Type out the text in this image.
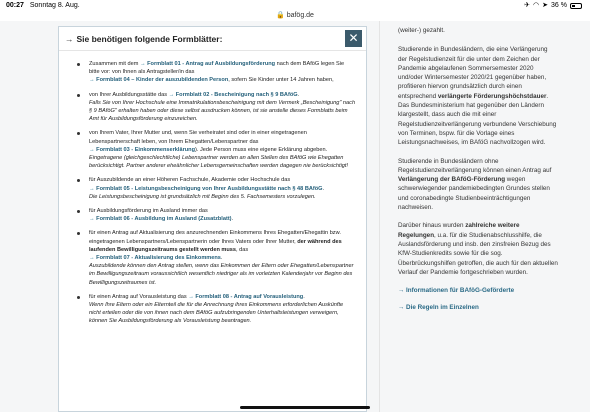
00:27 Sonntag 8. Aug.	✈ ◠ ➤ 36 %
🔒 bafög.de
→ Sie benötigen folgende Formblätter:	✕
Zusammen mit dem → Formblatt 01 - Antrag auf Ausbildungsförderung nach dem BAföG legen Sie bitte vor: von Ihnen als Antragsteller/in das
→ Formblatt 04 – Kinder der auszubildenden Person, sofern Sie Kinder unter 14 Jahren haben,
von Ihrer Ausbildungsstätte das → Formblatt 02 - Bescheinigung nach § 9 BAföG.
Falls Sie von Ihrer Hochschule eine Immatrikulationsbescheinigung mit dem Vermerk „Bescheinigung" nach § 9 BAföG" erhalten haben oder diese selbst ausdrucken können, ist sie anstelle dieses Formblatts beim Amt für Ausbildungsförderung einzureichen.
von Ihrem Vater, Ihrer Mutter und, wenn Sie verheiratet sind oder in einer eingetragenen Lebenspartnerschaft leben, von Ihrem Ehegatten/Lebenspartner das
→ Formblatt 03 - Einkommenserklärung). Jede Person muss eine eigene Erklärung abgeben.
Eingetragene (gleichgeschlechtliche) Lebenspartner werden an allen Stellen des BAföG wie Ehegatten berücksichtigt. Partner anderer eheähnlicher Lebensgemeinschaften werden dagegen nie berücksichtigt!
für Auszubildende an einer Höheren Fachschule, Akademie oder Hochschule das
→ Formblatt 05 - Leistungsbescheinigung von Ihrer Ausbildungsstätte nach § 48 BAföG.
Die Leistungsbescheinigung ist grundsätzlich mit Beginn des 5. Fachsemesters vorzulegen.
für Ausbildungsförderung im Ausland immer das
→ Formblatt 06 - Ausbildung im Ausland (Zusatzblatt).
für einen Antrag auf Aktualisierung des anzurechnenden Einkommens Ihres Ehegatten/Ehegattin bzw. eingetragenen Lebenspartners/Lebenspartnerin oder Ihres Vaters oder Ihrer Mutter, der während des laufenden Bewilligungszeitraums gestellt werden muss, das
→ Formblatt 07 - Aktualisierung des Einkommens.
Auszubildende können den Antrag stellen, wenn das Einkommen der Eltern oder Ehegatten/Lebenspartner im Bewilligungszeitraum voraussichtlich wesentlich niedriger als im vorletzten Kalenderjahr vor Beginn des Bewilligungszeitraumes ist.
für einen Antrag auf Vorausleistung das → Formblatt 08 - Antrag auf Vorausleistung.
Wenn Ihre Eltern oder ein Elternteil die für die Anrechnung ihres Einkommens erforderlichen Auskünfte nicht erteilen oder die von ihnen nach dem BAföG aufzubringenden Unterhaltsleistungen verweigern, können Sie Ausbildungsförderung als Vorausleistung beantragen.

(weiter-) gezahlt.

Studierende in Bundesländern, die eine Verlängerung der Regelstudienzeit für die unter dem Zeichen der Pandemie abgelaufenen Sommersemester 2020 und/oder Wintersemester 2020/21 gegenüber haben, profitieren hiervon grundsätzlich durch einen entsprechend verlängerte Förderungshöchstdauer. Das Bundesministerium hat gegenüber den Ländern klargestellt, dass auch die mit einer Regelstudienzeitverlängerung verbundene Verschiebung von Terminen, bspw. für die Vorlage eines Leistungsnachweises, im BAföG nachvollzogen wird.

Studierende in Bundesländern ohne Regelstudienzeitverlängerung können einen Antrag auf Verlängerung der BAföG-Förderung wegen schwerwiegender pandemiebedingten Grundes stellen und coronabedingte Studienbeeinträchtigungen nachweisen.

Darüber hinaus wurden zahlreiche weitere Regelungen, u.a. für die Studienabschlusshilfe, die Auslandsförderung und insb. den zinsfreien Bezug des KfW-Studienkredits sowie für die sog. Überbrückungshilfen getroffen, die auch für den aktuellen Verlauf der Pandemie fortgeschrieben wurden.

→ Informationen für BAföG-Geförderte
→ Die Regeln im Einzelnen
